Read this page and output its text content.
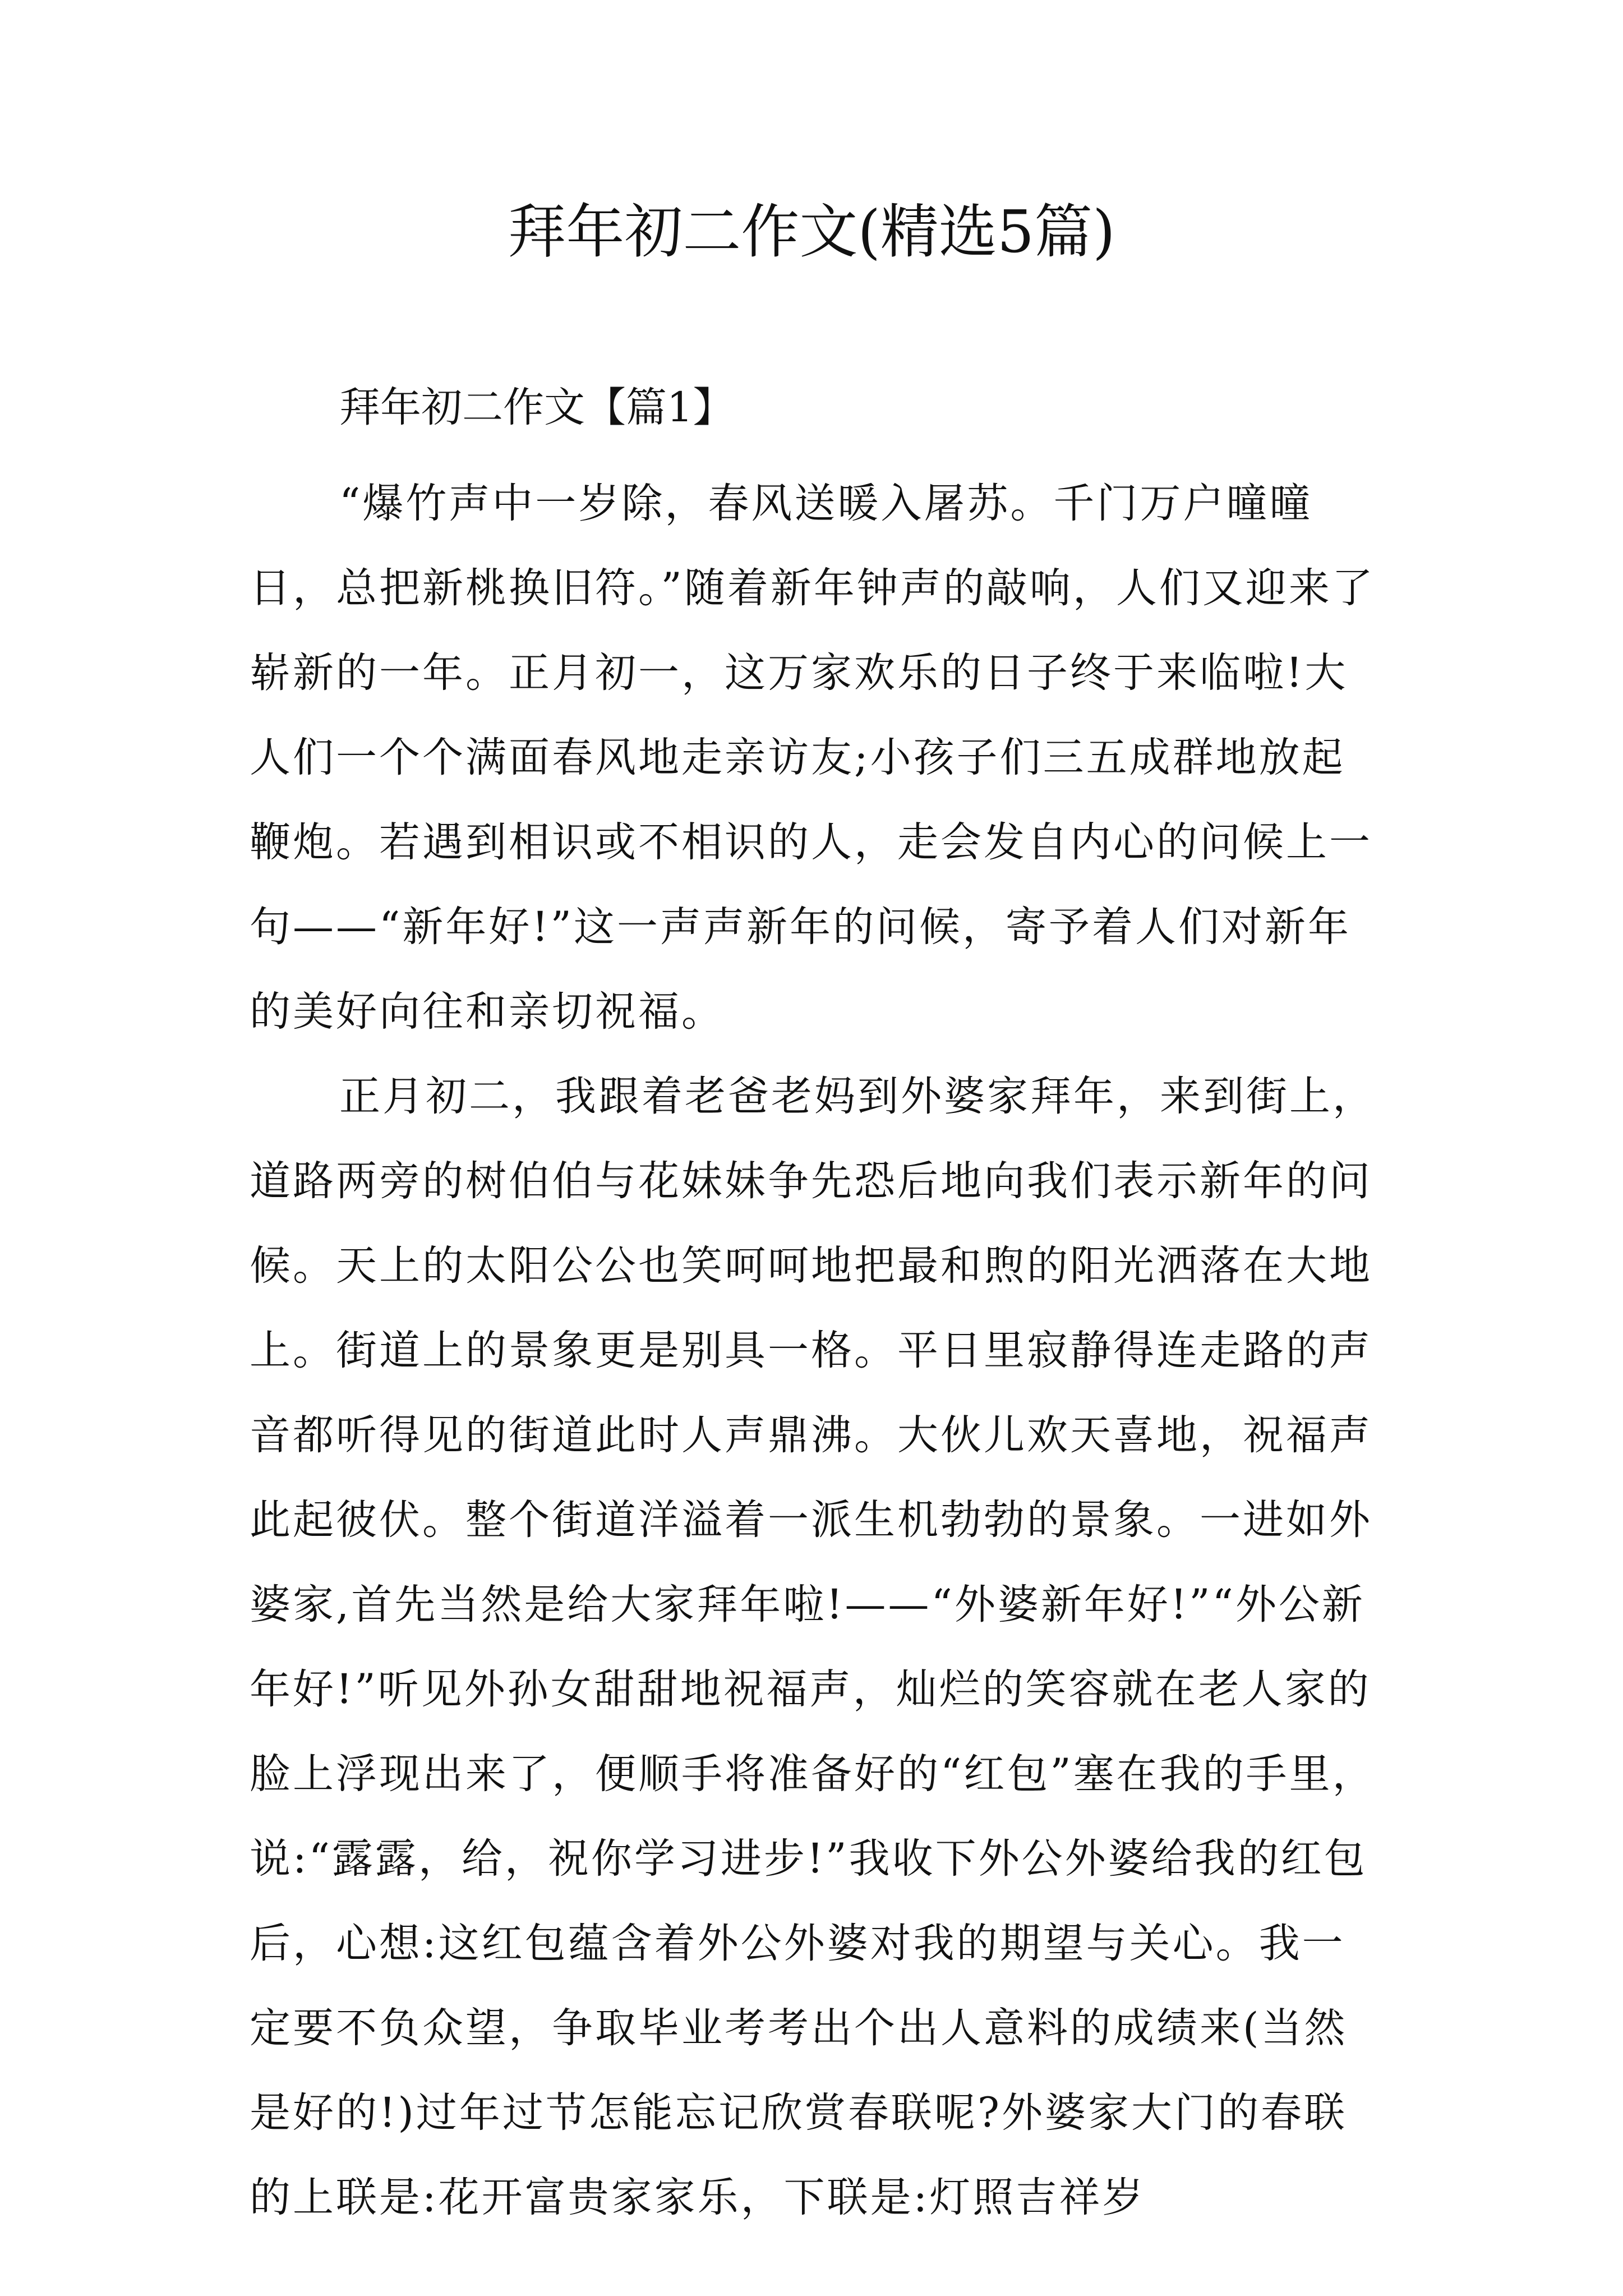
拜年初二作文(精选5篇)
拜年初二作文【篇1】

“爆竹声中一岁除，春风送暖入屠苏。千门万户曈曈日，总把新桃换旧符。”随着新年钟声的敲响，人们又迎来了崭新的一年。正月初一，这万家欢乐的日子终于来临啦!大人们一个个满面春风地走亲访友;小孩子们三五成群地放起鞭炮。若遇到相识或不相识的人，走会发自内心的问候上一句——“新年好!”这一声声新年的问候，寄予着人们对新年的美好向往和亲切祝福。

正月初二，我跟着老爸老妈到外婆家拜年，来到街上，道路两旁的树伯伯与花妹妹争先恐后地向我们表示新年的问候。天上的太阳公公也笑呵呵地把最和煦的阳光洒落在大地上。街道上的景象更是别具一格。平日里寂静得连走路的声音都听得见的街道此时人声鼎沸。大伙儿欢天喜地，祝福声此起彼伏。整个街道洋溢着一派生机勃勃的景象。一进如外婆家,首先当然是给大家拜年啦!——“外婆新年好!”“外公新年好!”听见外孙女甜甜地祝福声，灿烂的笑容就在老人家的脸上浮现出来了，便顺手将准备好的“红包”塞在我的手里，说:“露露，给，祝你学习进步!”我收下外公外婆给我的红包后，心想:这红包蕴含着外公外婆对我的期望与关心。我一定要不负众望，争取毕业考考出个出人意料的成绩来(当然是好的!)过年过节怎能忘记欣赏春联呢?外婆家大门的春联的上联是:花开富贵家家乐，下联是:灯照吉祥岁
